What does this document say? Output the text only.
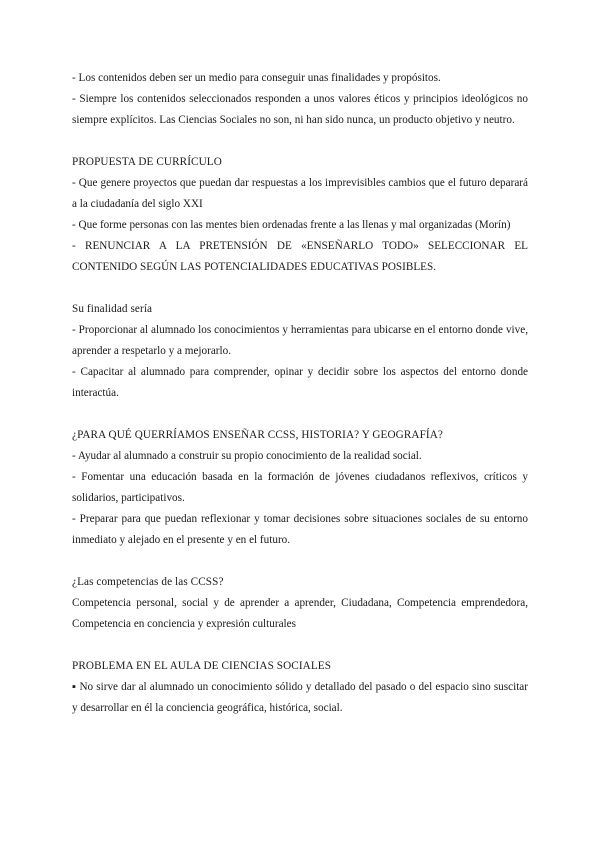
- Los contenidos deben ser un medio para conseguir unas finalidades y propósitos.

- Siempre los contenidos seleccionados responden a unos valores éticos y principios ideológicos no siempre explícitos. Las Ciencias Sociales no son, ni han sido nunca, un producto objetivo y neutro.

PROPUESTA DE CURRÍCULO

- Que genere proyectos que puedan dar respuestas a los imprevisibles cambios que el futuro deparará a la ciudadanía del siglo XXI

- Que forme personas con las mentes bien ordenadas frente a las llenas y mal organizadas (Morín)

- RENUNCIAR A LA PRETENSIÓN DE «ENSEÑARLO TODO» SELECCIONAR EL CONTENIDO SEGÚN LAS POTENCIALIDADES EDUCATIVAS POSIBLES.

Su finalidad sería

- Proporcionar al alumnado los conocimientos y herramientas para ubicarse en el entorno donde vive, aprender a respetarlo y a mejorarlo.

- Capacitar al alumnado para comprender, opinar y decidir sobre los aspectos del entorno donde interactúa.

¿PARA QUÉ QUERRÍAMOS ENSEÑAR CCSS, HISTORIA? Y GEOGRAFÍA?

- Ayudar al alumnado a construir su propio conocimiento de la realidad social.

- Fomentar una educación basada en la formación de jóvenes ciudadanos reflexivos, críticos y solidarios, participativos.

- Preparar para que puedan reflexionar y tomar decisiones sobre situaciones sociales de su entorno inmediato y alejado en el presente y en el futuro.

¿Las competencias de las CCSS?

Competencia personal, social y de aprender a aprender, Ciudadana, Competencia emprendedora, Competencia en conciencia y expresión culturales

PROBLEMA EN EL AULA DE CIENCIAS SOCIALES

▪ No sirve dar al alumnado un conocimiento sólido y detallado del pasado o del espacio sino suscitar y desarrollar en él la conciencia geográfica, histórica, social.
